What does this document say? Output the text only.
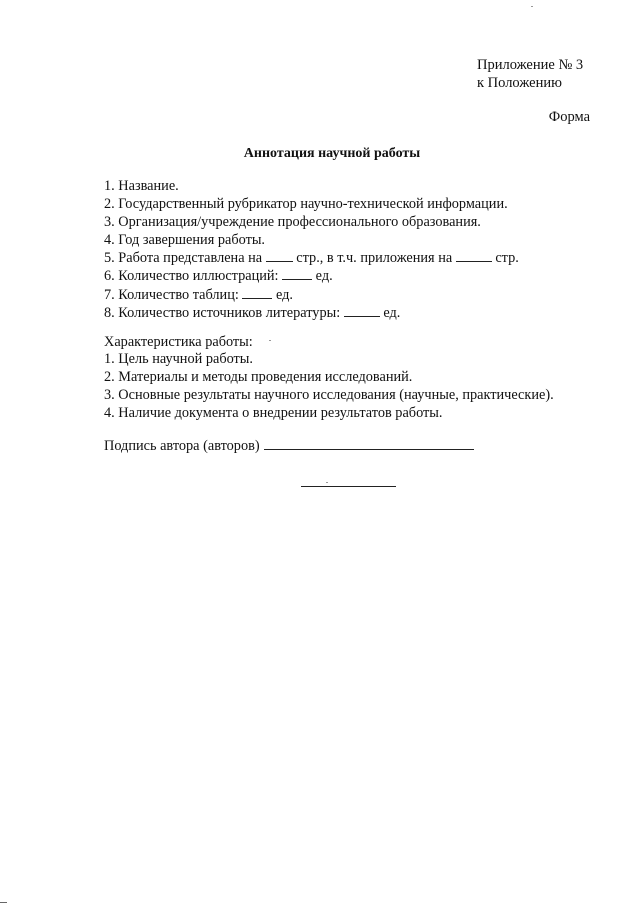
Приложение № 3
к Положению
Форма
Аннотация научной работы
1. Название.
2. Государственный рубрикатор научно-технической информации.
3. Организация/учреждение профессионального образования.
4. Год завершения работы.
5. Работа представлена на  стр., в т.ч. приложения на	стр.
6. Количество иллюстраций:  ед.
7. Количество таблиц:  ед.
8. Количество источников литературы:	ед.
Характеристика работы:
1. Цель научной работы.
2. Материалы и методы проведения исследований.
3. Основные результаты научного исследования (научные, практические).
4. Наличие документа о внедрении результатов работы.
Подпись автора (авторов)
